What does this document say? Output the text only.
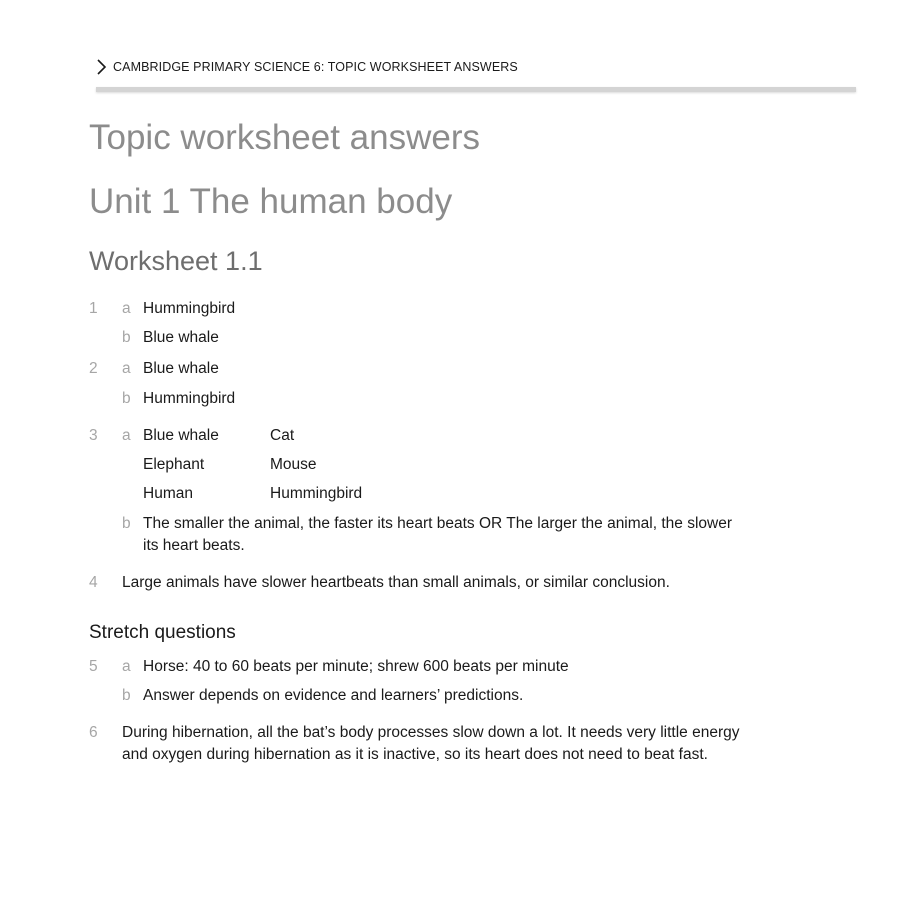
CAMBRIDGE PRIMARY SCIENCE 6: TOPIC WORKSHEET ANSWERS
Topic worksheet answers
Unit 1 The human body
Worksheet 1.1
1 a Hummingbird
b Blue whale
2 a Blue whale
b Hummingbird
3 a Blue whale	Cat
Elephant	Mouse
Human	Hummingbird
b The smaller the animal, the faster its heart beats OR The larger the animal, the slower
its heart beats.
4 Large animals have slower heartbeats than small animals, or similar conclusion.
Stretch questions
5 a Horse: 40 to 60 beats per minute; shrew 600 beats per minute
b Answer depends on evidence and learners’ predictions.
6 During hibernation, all the bat’s body processes slow down a lot. It needs very little energy
and oxygen during hibernation as it is inactive, so its heart does not need to beat fast.
